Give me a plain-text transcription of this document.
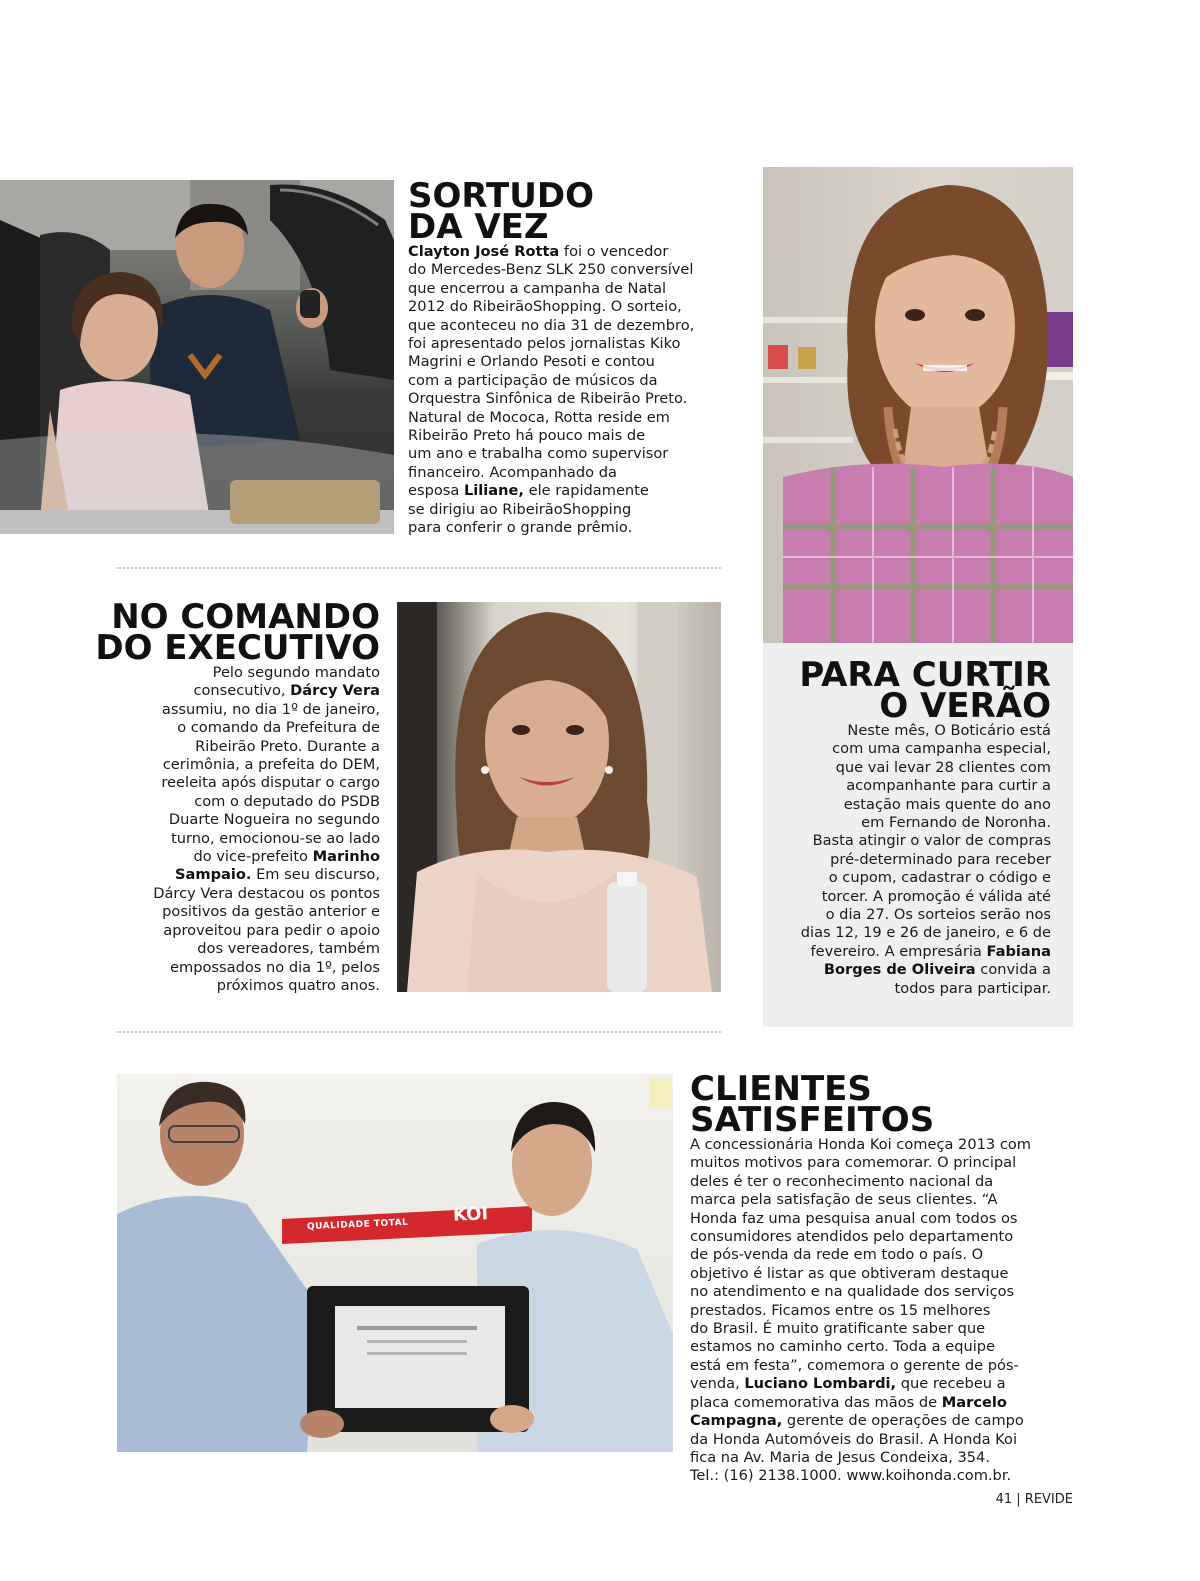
SORTUDO
DA VEZ
Clayton José Rotta foi o vencedor
do Mercedes-Benz SLK 250 conversível
que encerrou a campanha de Natal
2012 do RibeirãoShopping. O sorteio,
que aconteceu no dia 31 de dezembro,
foi apresentado pelos jornalistas Kiko
Magrini e Orlando Pesoti e contou
com a participação de músicos da
Orquestra Sinfônica de Ribeirão Preto.
Natural de Mococa, Rotta reside em
Ribeirão Preto há pouco mais de
um ano e trabalha como supervisor
financeiro. Acompanhado da
esposa Liliane, ele rapidamente
se dirigiu ao RibeirãoShopping
para conferir o grande prêmio.
NO COMANDO
DO EXECUTIVO
Pelo segundo mandato
consecutivo, Dárcy Vera
assumiu, no dia 1º de janeiro,
o comando da Prefeitura de
Ribeirão Preto. Durante a
cerimônia, a prefeita do DEM,
reeleita após disputar o cargo
com o deputado do PSDB
Duarte Nogueira no segundo
turno, emocionou-se ao lado
do vice-prefeito Marinho
Sampaio. Em seu discurso,
Dárcy Vera destacou os pontos
positivos da gestão anterior e
aproveitou para pedir o apoio
dos vereadores, também
empossados no dia 1º, pelos
próximos quatro anos.
PARA CURTIR
O VERÃO
Neste mês, O Boticário está
com uma campanha especial,
que vai levar 28 clientes com
acompanhante para curtir a
estação mais quente do ano
em Fernando de Noronha.
Basta atingir o valor de compras
pré-determinado para receber
o cupom, cadastrar o código e
torcer. A promoção é válida até
o dia 27. Os sorteios serão nos
dias 12, 19 e 26 de janeiro, e 6 de
fevereiro. A empresária Fabiana
Borges de Oliveira convida a
todos para participar.
QUALIDADE TOTAL KOI
CLIENTES SATISFEITOS
A concessionária Honda Koi começa 2013 com
muitos motivos para comemorar. O principal
deles é ter o reconhecimento nacional da
marca pela satisfação de seus clientes. “A
Honda faz uma pesquisa anual com todos os
consumidores atendidos pelo departamento
de pós-venda da rede em todo o país. O
objetivo é listar as que obtiveram destaque
no atendimento e na qualidade dos serviços
prestados. Ficamos entre os 15 melhores
do Brasil. É muito gratificante saber que
estamos no caminho certo. Toda a equipe
está em festa”, comemora o gerente de pós-
venda, Luciano Lombardi, que recebeu a
placa comemorativa das mãos de Marcelo
Campagna, gerente de operações de campo
da Honda Automóveis do Brasil. A Honda Koi
fica na Av. Maria de Jesus Condeixa, 354.
Tel.: (16) 2138.1000. www.koihonda.com.br.
41 | REVIDE
